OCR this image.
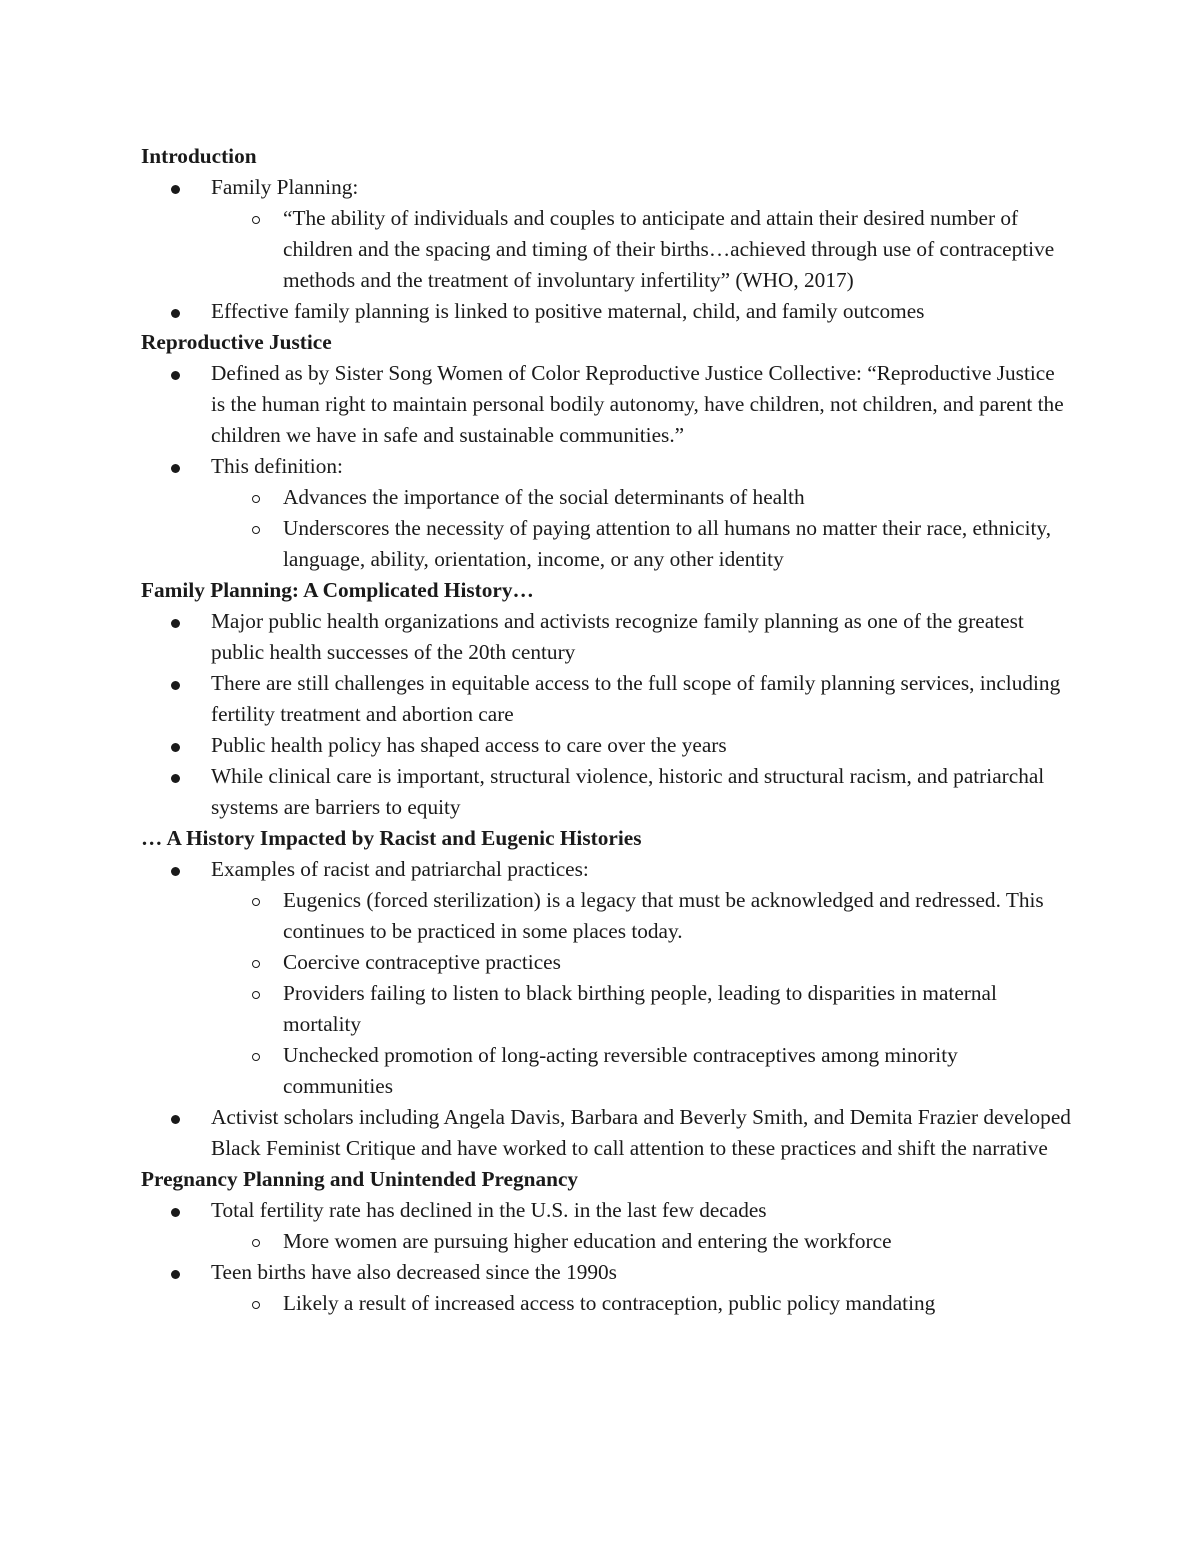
Introduction

Family Planning:
“The ability of individuals and couples to anticipate and attain their desired number of children and the spacing and timing of their births…achieved through use of contraceptive methods and the treatment of involuntary infertility” (WHO, 2017)
Effective family planning is linked to positive maternal, child, and family outcomes

Reproductive Justice

Defined as by Sister Song Women of Color Reproductive Justice Collective: “Reproductive Justice is the human right to maintain personal bodily autonomy, have children, not children, and parent the children we have in safe and sustainable communities.”
This definition:
Advances the importance of the social determinants of health
Underscores the necessity of paying attention to all humans no matter their race, ethnicity, language, ability, orientation, income, or any other identity

Family Planning: A Complicated History…

Major public health organizations and activists recognize family planning as one of the greatest public health successes of the 20th century
There are still challenges in equitable access to the full scope of family planning services, including fertility treatment and abortion care
Public health policy has shaped access to care over the years
While clinical care is important, structural violence, historic and structural racism, and patriarchal systems are barriers to equity

… A History Impacted by Racist and Eugenic Histories

Examples of racist and patriarchal practices:
Eugenics (forced sterilization) is a legacy that must be acknowledged and redressed. This continues to be practiced in some places today.
Coercive contraceptive practices
Providers failing to listen to black birthing people, leading to disparities in maternal mortality
Unchecked promotion of long-acting reversible contraceptives among minority communities
Activist scholars including Angela Davis, Barbara and Beverly Smith, and Demita Frazier developed Black Feminist Critique and have worked to call attention to these practices and shift the narrative

Pregnancy Planning and Unintended Pregnancy

Total fertility rate has declined in the U.S. in the last few decades
More women are pursuing higher education and entering the workforce
Teen births have also decreased since the 1990s
Likely a result of increased access to contraception, public policy mandating
